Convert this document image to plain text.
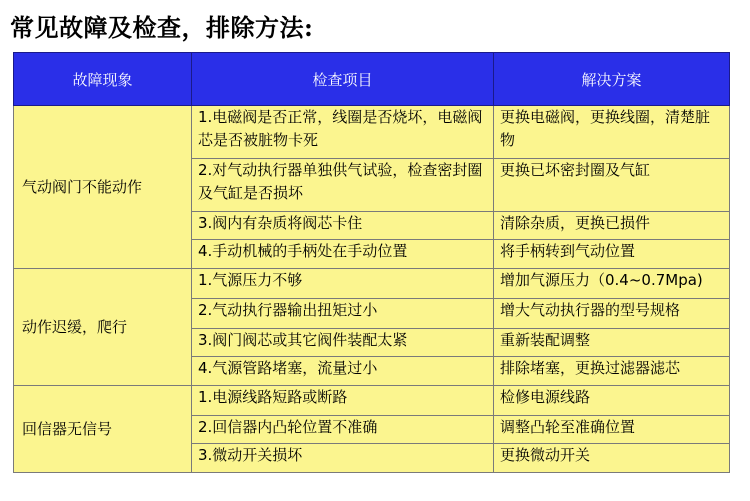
常见故障及检查，排除方法:
故障现象	检查项目	解决方案
气动阀门不能动作	1.电磁阀是否正常，线圈是否烧坏，电磁阀芯是否被脏物卡死	更换电磁阀，更换线圈，清楚脏物
	2.对气动执行器单独供气试验，检查密封圈及气缸是否损坏	更换已坏密封圈及气缸
	3.阀内有杂质将阀芯卡住	清除杂质，更换已损件
	4.手动机械的手柄处在手动位置	将手柄转到气动位置
动作迟缓，爬行	1.气源压力不够	增加气源压力（0.4~0.7Mpa)
	2.气动执行器输出扭矩过小	增大气动执行器的型号规格
	3.阀门阀芯或其它阀件装配太紧	重新装配调整
	4.气源管路堵塞，流量过小	排除堵塞，更换过滤器滤芯
回信器无信号	1.电源线路短路或断路	检修电源线路
	2.回信器内凸轮位置不准确	调整凸轮至准确位置
	3.微动开关损坏	更换微动开关
